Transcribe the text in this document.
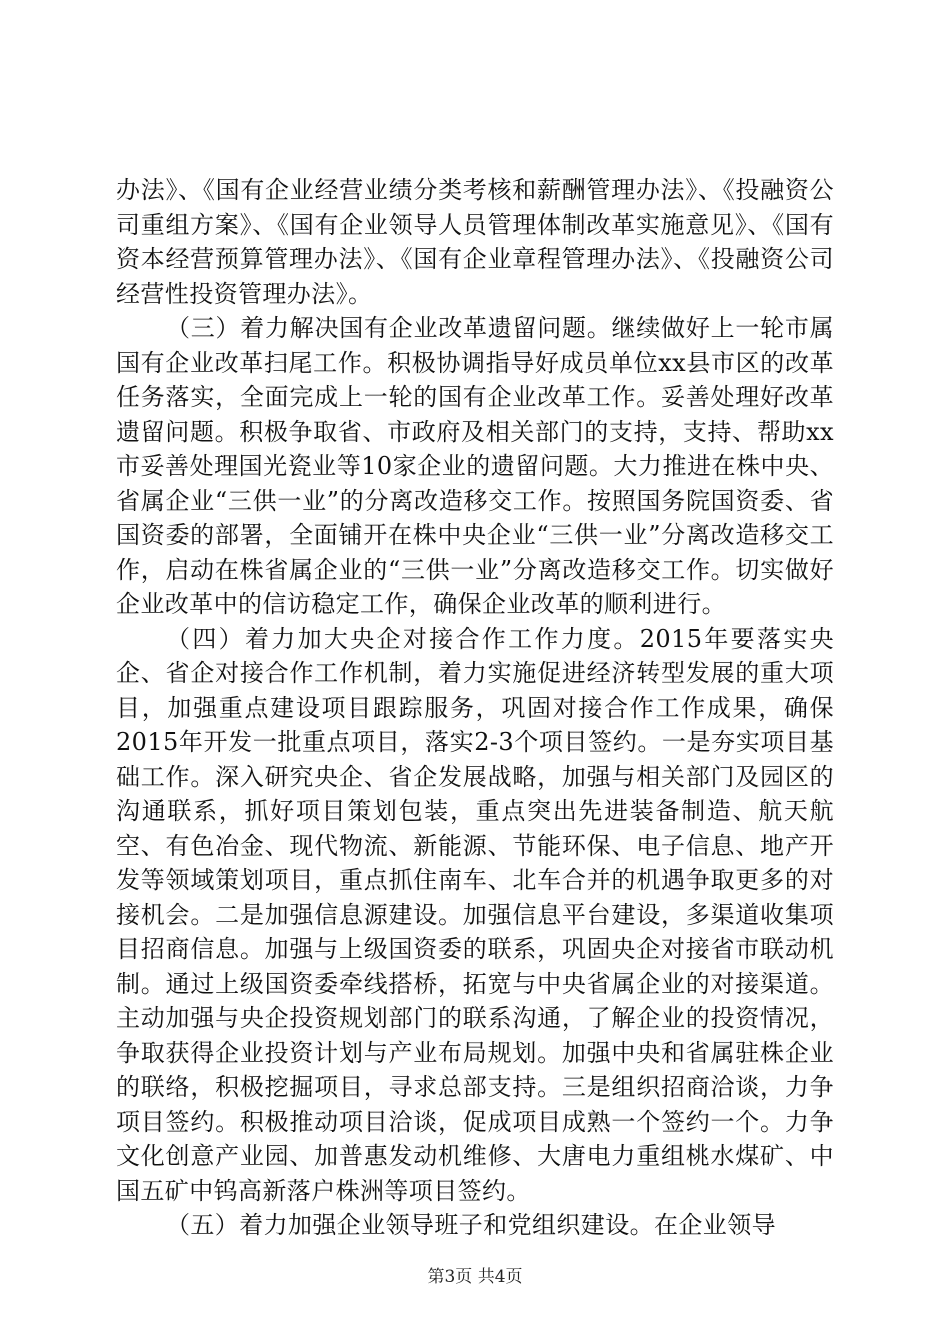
办法》、《国有企业经营业绩分类考核和薪酬管理办法》、《投融资公司重组方案》、《国有企业领导人员管理体制改革实施意见》、《国有资本经营预算管理办法》、《国有企业章程管理办法》、《投融资公司经营性投资管理办法》。

（三）着力解决国有企业改革遗留问题。继续做好上一轮市属国有企业改革扫尾工作。积极协调指导好成员单位xx县市区的改革任务落实，全面完成上一轮的国有企业改革工作。妥善处理好改革遗留问题。积极争取省、市政府及相关部门的支持，支持、帮助xx市妥善处理国光瓷业等10家企业的遗留问题。大力推进在株中央、省属企业“三供一业”的分离改造移交工作。按照国务院国资委、省国资委的部署，全面铺开在株中央企业“三供一业”分离改造移交工作，启动在株省属企业的“三供一业”分离改造移交工作。切实做好企业改革中的信访稳定工作，确保企业改革的顺利进行。

（四）着力加大央企对接合作工作力度。2015年要落实央企、省企对接合作工作机制，着力实施促进经济转型发展的重大项目，加强重点建设项目跟踪服务，巩固对接合作工作成果，确保2015年开发一批重点项目，落实2-3个项目签约。一是夯实项目基础工作。深入研究央企、省企发展战略，加强与相关部门及园区的沟通联系，抓好项目策划包装，重点突出先进装备制造、航天航空、有色冶金、现代物流、新能源、节能环保、电子信息、地产开发等领域策划项目，重点抓住南车、北车合并的机遇争取更多的对接机会。二是加强信息源建设。加强信息平台建设，多渠道收集项目招商信息。加强与上级国资委的联系，巩固央企对接省市联动机制。通过上级国资委牵线搭桥，拓宽与中央省属企业的对接渠道。主动加强与央企投资规划部门的联系沟通，了解企业的投资情况，争取获得企业投资计划与产业布局规划。加强中央和省属驻株企业的联络，积极挖掘项目，寻求总部支持。三是组织招商洽谈，力争项目签约。积极推动项目洽谈，促成项目成熟一个签约一个。力争文化创意产业园、加普惠发动机维修、大唐电力重组桃水煤矿、中国五矿中钨高新落户株洲等项目签约。

（五）着力加强企业领导班子和党组织建设。在企业领导

第3页 共4页
